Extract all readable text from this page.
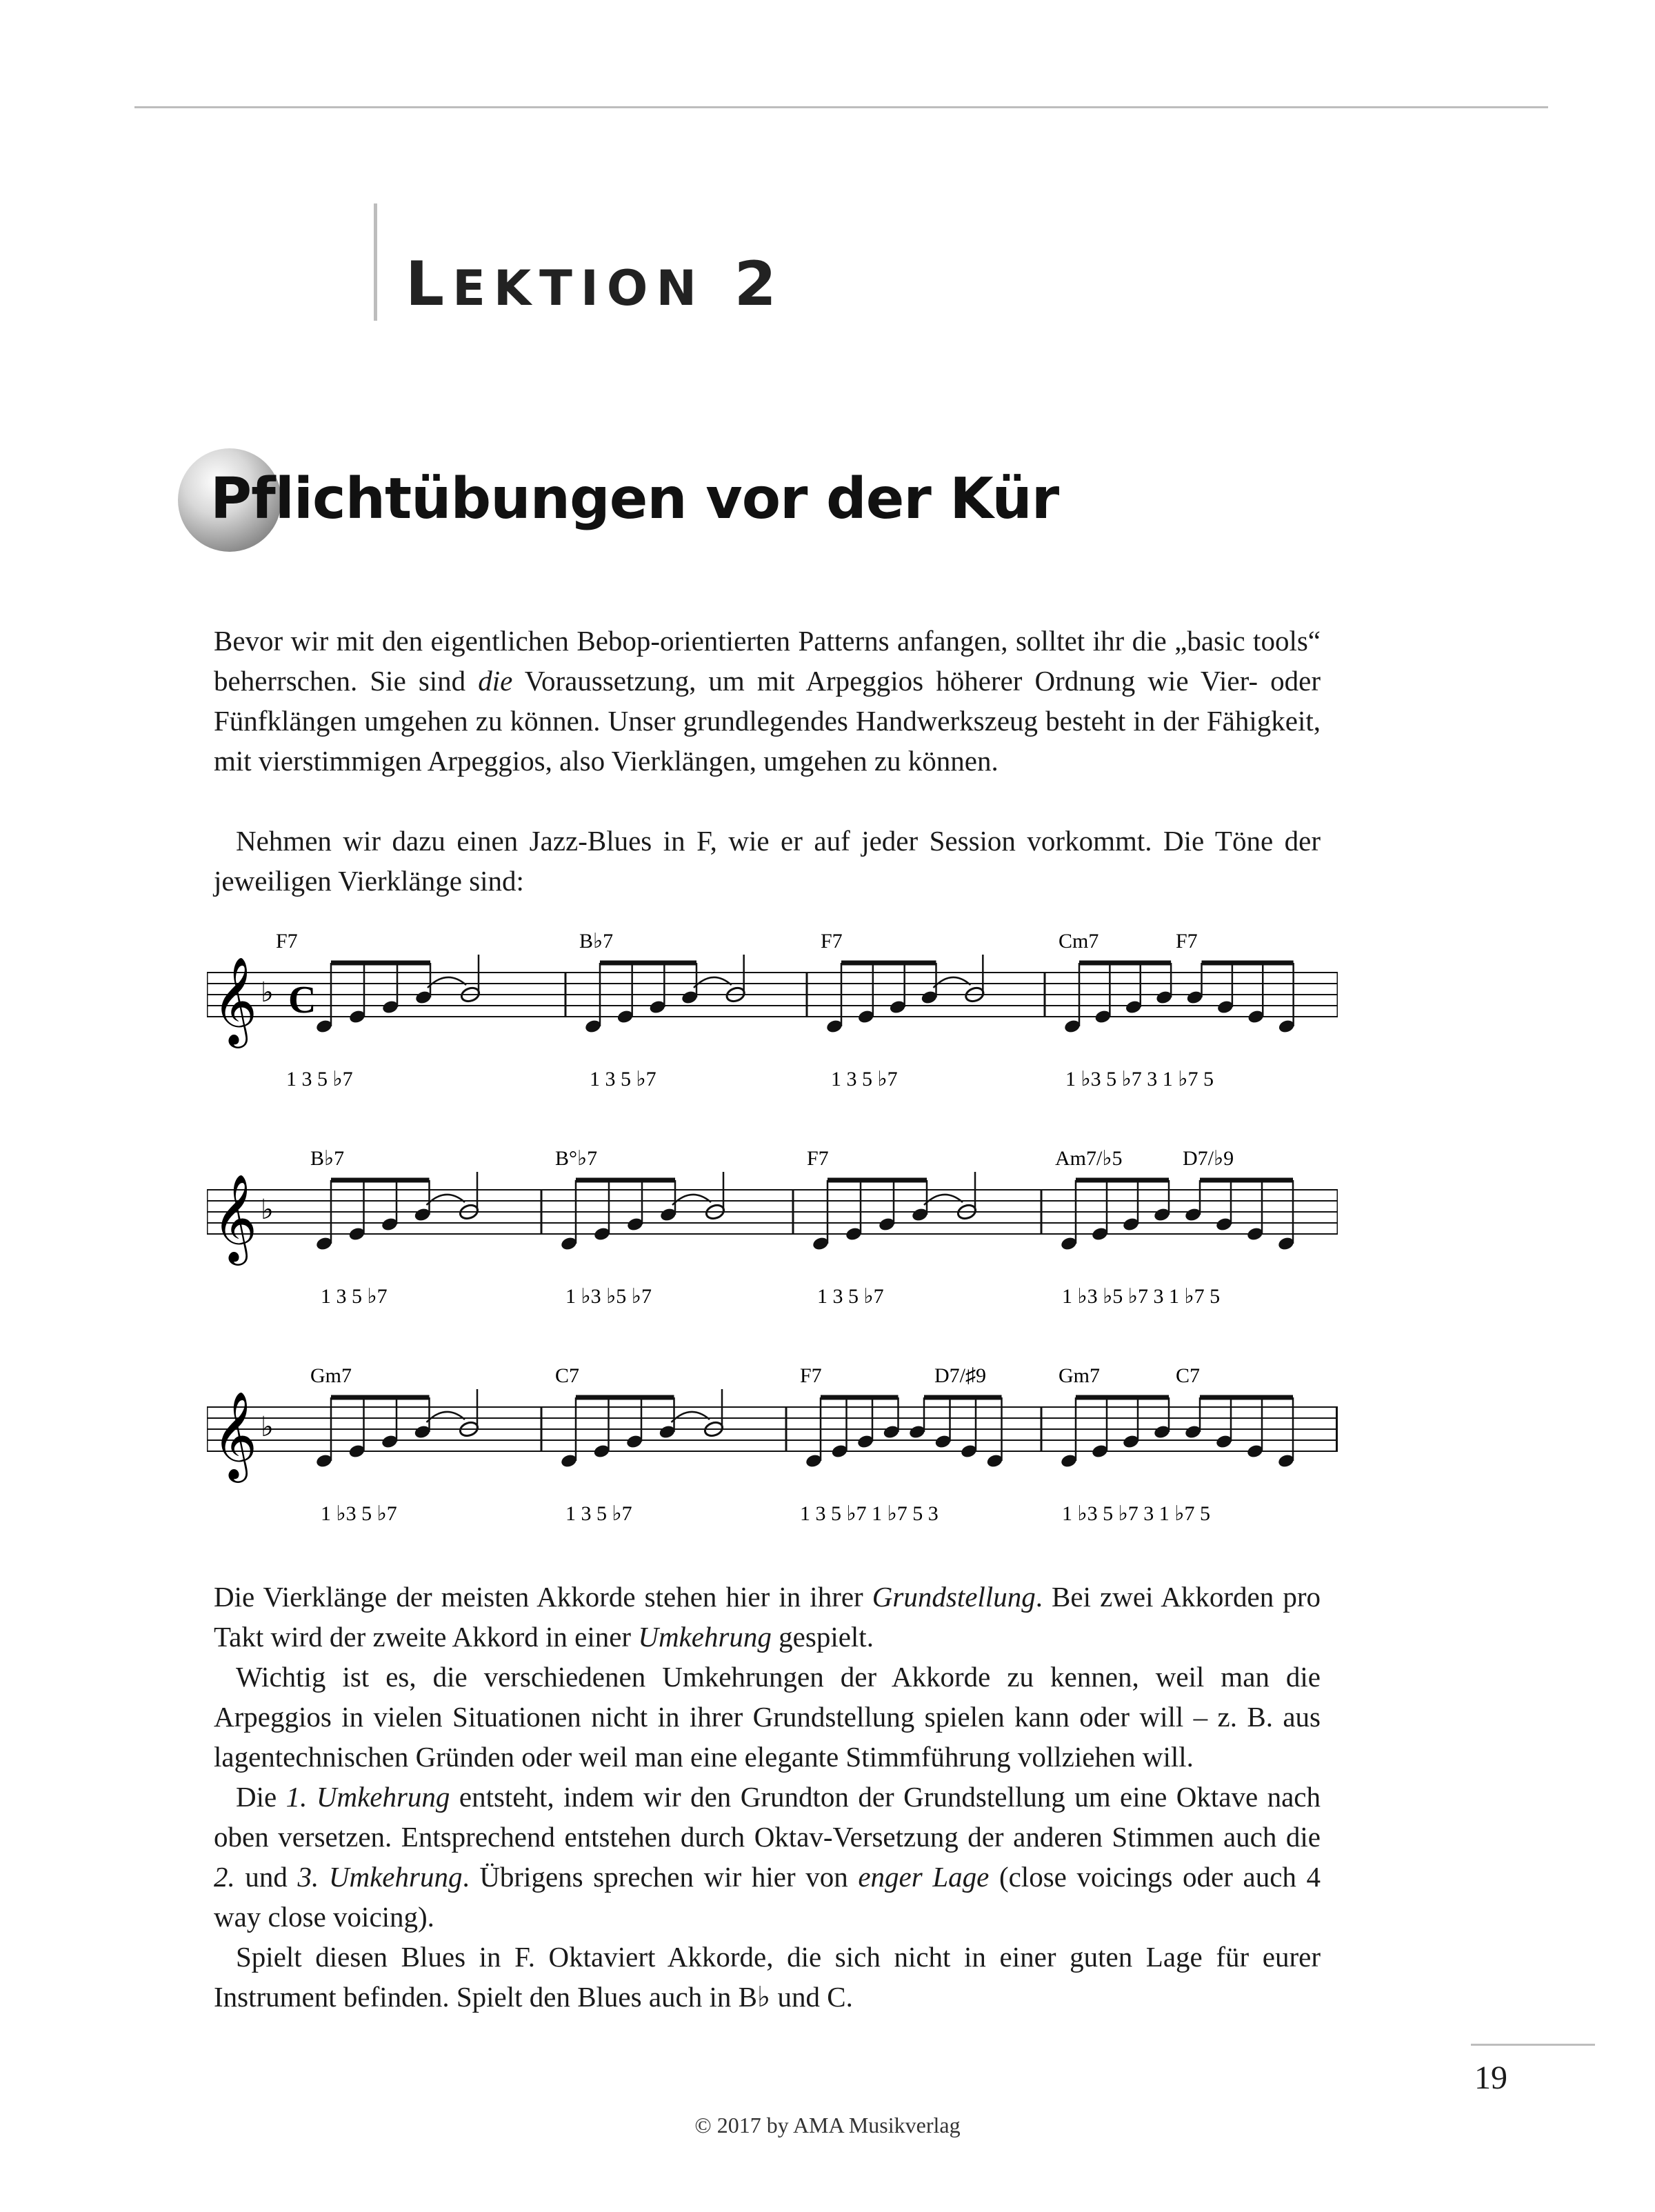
LEKTION 2
Pflichtübungen vor der Kür

Bevor wir mit den eigentlichen Bebop-orientierten Patterns anfangen, solltet ihr die „basic tools“ beherrschen. Sie sind die Voraussetzung, um mit Arpeggios höherer Ordnung wie Vier- oder Fünfklängen umgehen zu können. Unser grundlegendes Handwerkszeug besteht in der Fähigkeit, mit vierstimmigen Arpeggios, also Vierklängen, umgehen zu können.

Nehmen wir dazu einen Jazz-Blues in F, wie er auf jeder Session vorkommt. Die Töne der jeweiligen Vierklänge sind:

𝄞 ♭ C
F7	B♭7	F7	Cm7	F7
1 3 5 ♭7	1 3 5 ♭7	1 3 5 ♭7	1 ♭3 5 ♭7 3 1 ♭7 5
𝄞 ♭
B♭7	B°♭7	F7	Am7/♭5	D7/♭9
1 3 5 ♭7	1 ♭3 ♭5 ♭7	1 3 5 ♭7	1 ♭3 ♭5 ♭7 3 1 ♭7 5
𝄞 ♭
Gm7	C7	F7	D7/♯9	Gm7	C7
1 ♭3 5 ♭7	1 3 5 ♭7	1 3 5 ♭7 1 ♭7 5 3	1 ♭3 5 ♭7 3 1 ♭7 5

Die Vierklänge der meisten Akkorde stehen hier in ihrer Grundstellung. Bei zwei Akkorden pro Takt wird der zweite Akkord in einer Umkehrung gespielt.

Wichtig ist es, die verschiedenen Umkehrungen der Akkorde zu kennen, weil man die Arpeggios in vielen Situationen nicht in ihrer Grundstellung spielen kann oder will – z. B. aus lagentechnischen Gründen oder weil man eine elegante Stimmführung vollziehen will.

Die 1. Umkehrung entsteht, indem wir den Grundton der Grundstellung um eine Oktave nach oben versetzen. Entsprechend entstehen durch Oktav-Versetzung der anderen Stimmen auch die 2. und 3. Umkehrung. Übrigens sprechen wir hier von enger Lage (close voicings oder auch 4 way close voicing).

Spielt diesen Blues in F. Oktaviert Akkorde, die sich nicht in einer guten Lage für eurer Instrument befinden. Spielt den Blues auch in B♭ und C.

19
© 2017 by AMA Musikverlag
